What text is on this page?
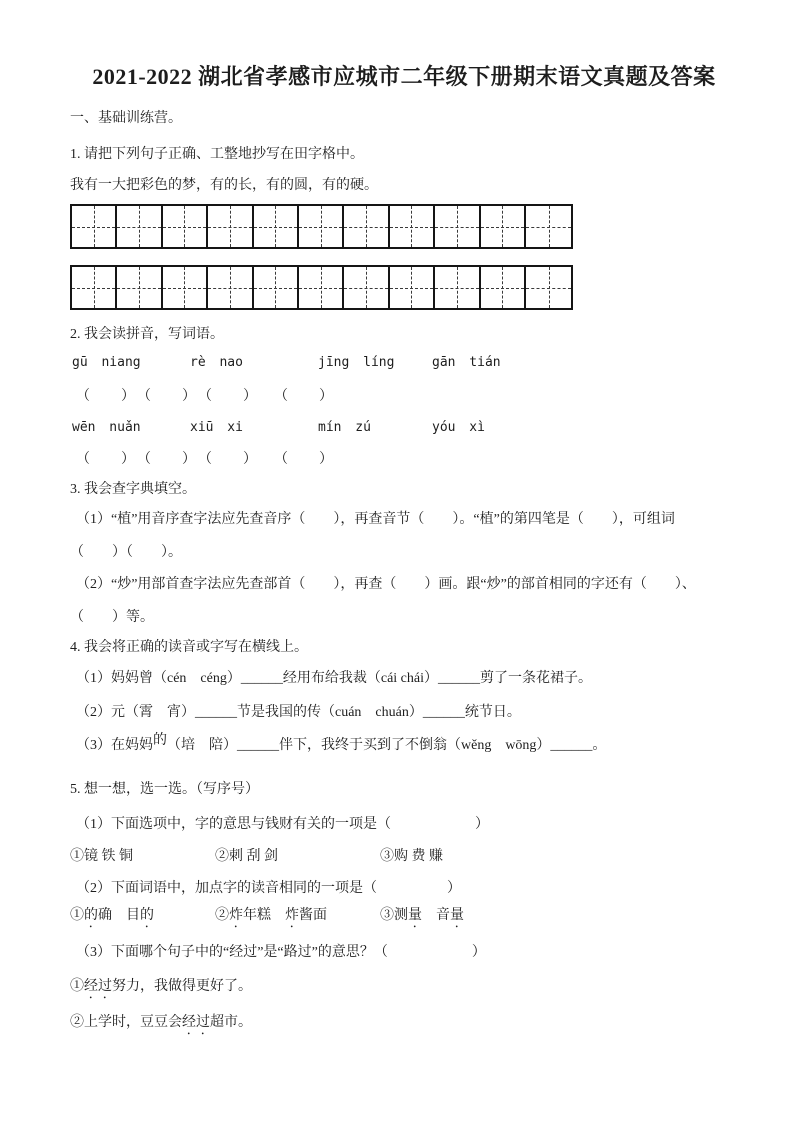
2021-2022 湖北省孝感市应城市二年级下册期末语文真题及答案
一、基础训练营。
1. 请把下列句子正确、工整地抄写在田字格中。
我有一大把彩色的梦，有的长，有的圆，有的硬。
2. 我会读拼音，写词语。
gū niang	rè nao	jīng líng	gān tián
（　　）　（　　）　（　　）　　（　　）
wēn nuǎn	xiū xi	mín zú	yóu xì
（　　）　（　　）　（　　）　　（　　）
3. 我会查字典填空。
（1）“植”用音序查字法应先查音序（　　），再查音节（　　）。“植”的第四笔是（　　），可组词
（　　）（　　）。
（2）“炒”用部首查字法应先查部首（　　），再查（　　）画。跟“炒”的部首相同的字还有（　　）、
（　　）等。
4. 我会将正确的读音或字写在横线上。
（1）妈妈曾（cén　céng）______经用布给我裁（cái chái）______剪了一条花裙子。
（2）元（霄　宵）______节是我国的传（cuán　chuán）______统节日。
（3）在妈妈的（培　陪）______伴下，我终于买到了不倒翁（wěng　wōng）______。
5. 想一想，选一选。（写序号）
（1）下面选项中，字的意思与钱财有关的一项是（　　　　　　）
①镜 铁 铜	②刺 刮 剑	③购 费 赚
（2）下面词语中，加点字的读音相同的一项是（　　　　　）
①的确　目的	②炸年糕　炸酱面	③测量　音量
（3）下面哪个句子中的“经过”是“路过”的意思？（　　　　　　）
①经过努力，我做得更好了。
②上学时，豆豆会经过超市。
